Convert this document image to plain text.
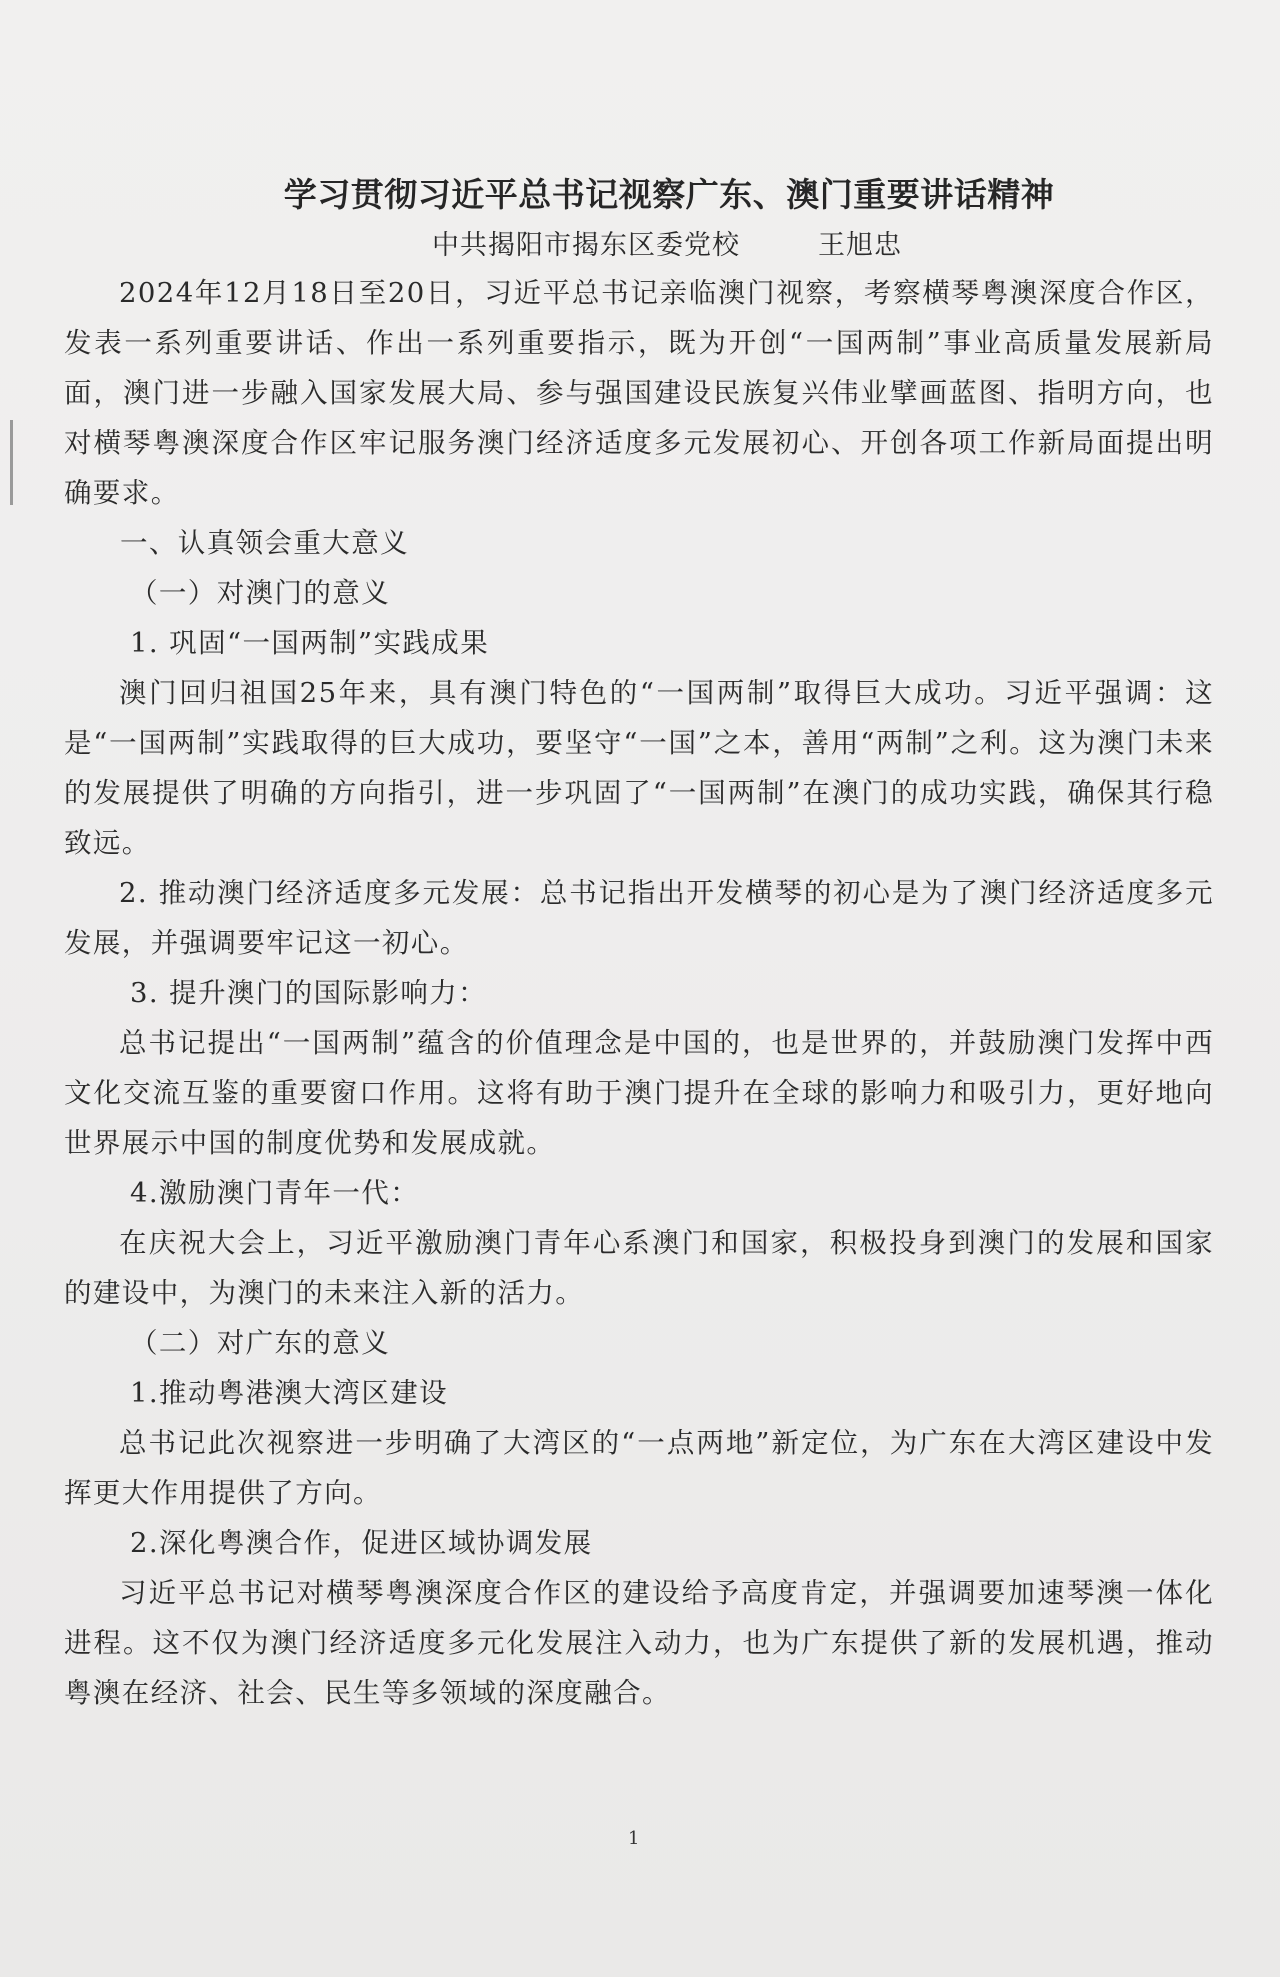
学习贯彻习近平总书记视察广东、澳门重要讲话精神

中共揭阳市揭东区委党校	王旭忠

2024年12月18日至20日，习近平总书记亲临澳门视察，考察横琴粤澳深度合作区，发表一系列重要讲话、作出一系列重要指示，既为开创“一国两制”事业高质量发展新局面，澳门进一步融入国家发展大局、参与强国建设民族复兴伟业擘画蓝图、指明方向，也对横琴粤澳深度合作区牢记服务澳门经济适度多元发展初心、开创各项工作新局面提出明确要求。

一、认真领会重大意义

（一）对澳门的意义

1. 巩固“一国两制”实践成果

澳门回归祖国25年来，具有澳门特色的“一国两制”取得巨大成功。习近平强调：这是“一国两制”实践取得的巨大成功，要坚守“一国”之本，善用“两制”之利。这为澳门未来的发展提供了明确的方向指引，进一步巩固了“一国两制”在澳门的成功实践，确保其行稳致远。

2. 推动澳门经济适度多元发展：总书记指出开发横琴的初心是为了澳门经济适度多元发展，并强调要牢记这一初心。

3. 提升澳门的国际影响力：

总书记提出“一国两制”蕴含的价值理念是中国的，也是世界的，并鼓励澳门发挥中西文化交流互鉴的重要窗口作用。这将有助于澳门提升在全球的影响力和吸引力，更好地向世界展示中国的制度优势和发展成就。

4.激励澳门青年一代：

在庆祝大会上，习近平激励澳门青年心系澳门和国家，积极投身到澳门的发展和国家的建设中，为澳门的未来注入新的活力。

（二）对广东的意义

1.推动粤港澳大湾区建设

总书记此次视察进一步明确了大湾区的“一点两地”新定位，为广东在大湾区建设中发挥更大作用提供了方向。

2.深化粤澳合作，促进区域协调发展

习近平总书记对横琴粤澳深度合作区的建设给予高度肯定，并强调要加速琴澳一体化进程。这不仅为澳门经济适度多元化发展注入动力，也为广东提供了新的发展机遇，推动粤澳在经济、社会、民生等多领域的深度融合。

1
